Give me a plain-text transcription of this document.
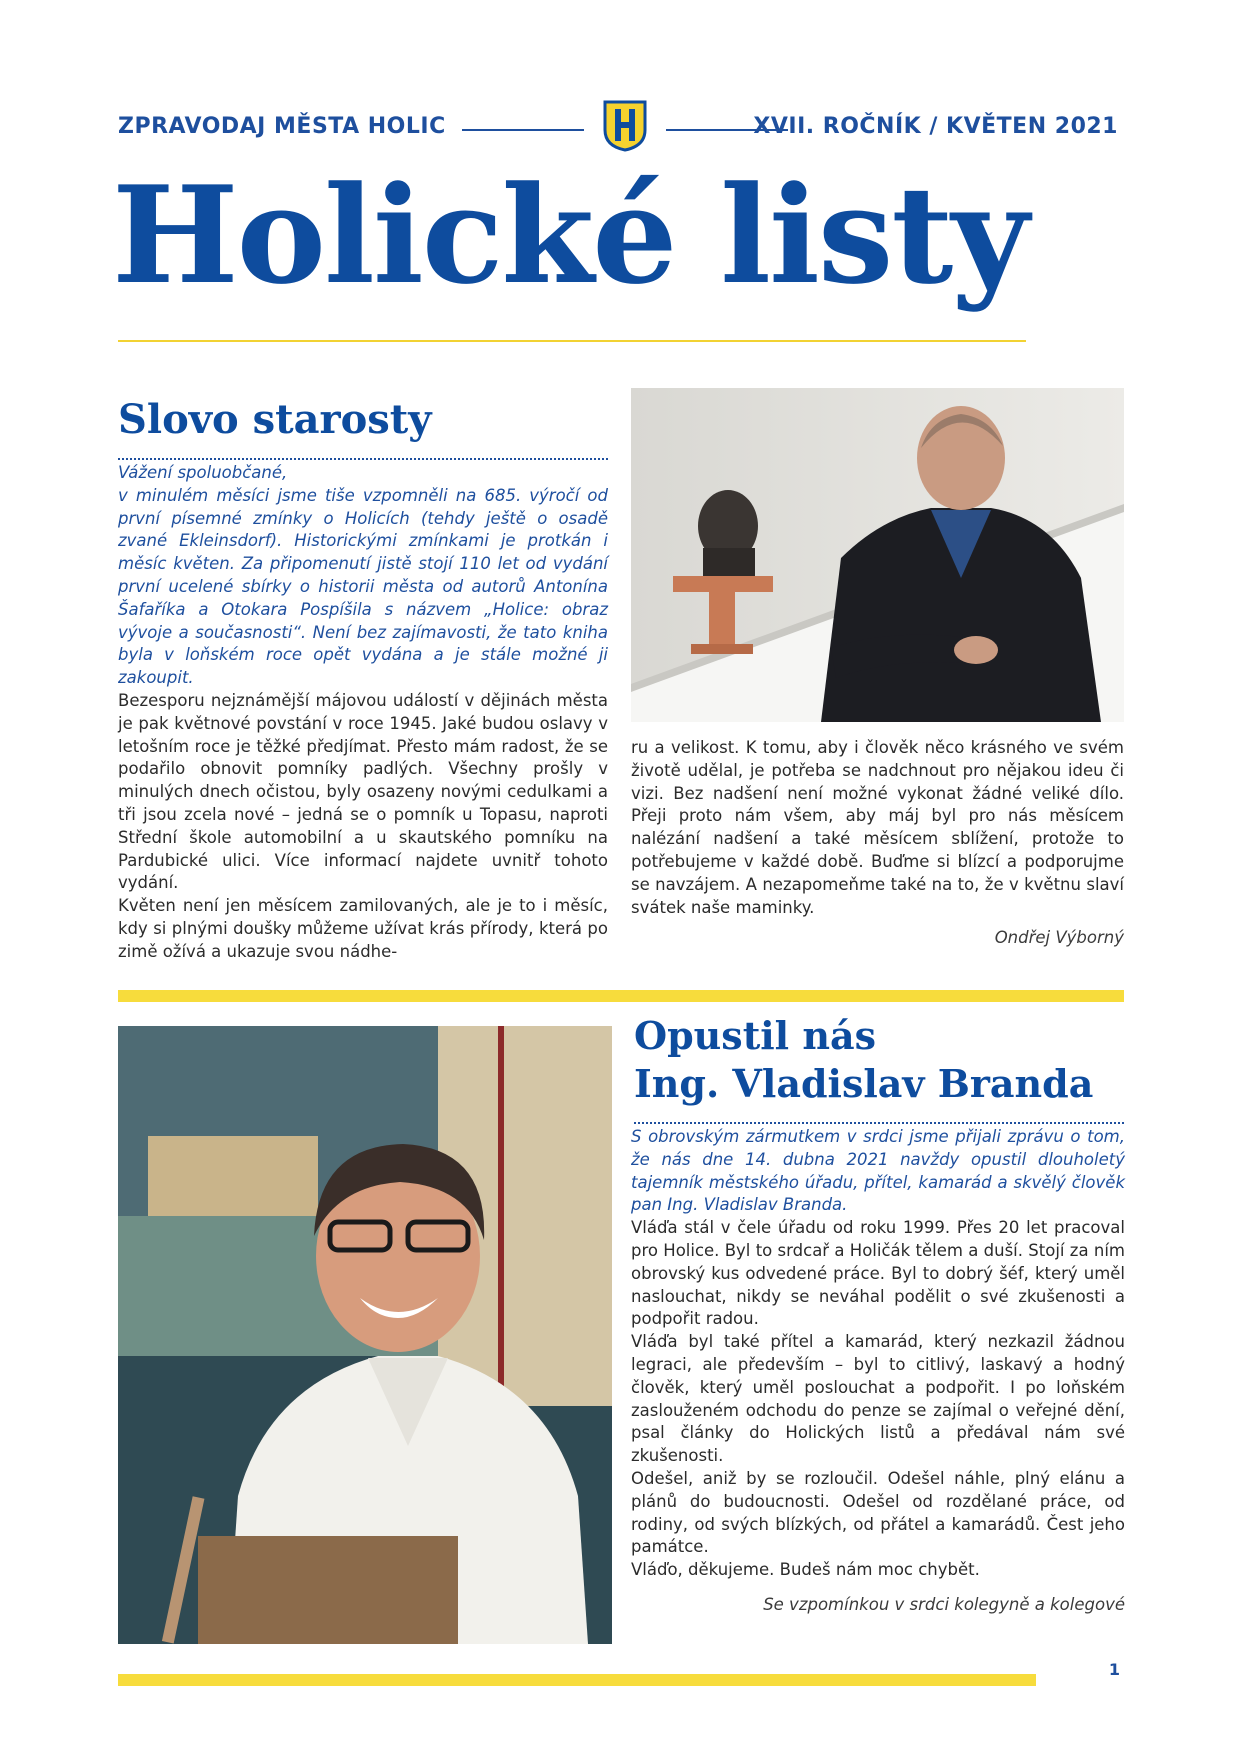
ZPRAVODAJ MĚSTA HOLIC	XVII. ROČNÍK / KVĚTEN 2021
Holické listy
Slovo starosty

Vážení spoluobčané,
v minulém měsíci jsme tiše vzpomněli na 685. výročí od první písemné zmínky o Holicích (tehdy ještě o osadě zvané Ekleinsdorf). Historickými zmínkami je protkán i měsíc květen. Za připomenutí jistě stojí 110 let od vydání první ucelené sbírky o historii města od autorů Antonína Šafaříka a Otokara Pospíšila s názvem „Holice: obraz vývoje a současnosti“. Není bez zajímavosti, že tato kniha byla v loňském roce opět vydána a je stále možné ji zakoupit.

Bezesporu nejznámější májovou událostí v dějinách města je pak květnové povstání v roce 1945. Jaké budou oslavy v letošním roce je těžké předjímat. Přesto mám radost, že se podařilo obnovit pomníky padlých. Všechny prošly v minulých dnech očistou, byly osazeny novými cedulkami a tři jsou zcela nové – jedná se o pomník u Topasu, naproti Střední škole automobilní a u skautského pomníku na Pardubické ulici. Více informací najdete uvnitř tohoto vydání.
Květen není jen měsícem zamilovaných, ale je to i měsíc, kdy si plnými doušky můžeme užívat krás přírody, která po zimě ožívá a ukazuje svou nádhe-

ru a velikost. K tomu, aby i člověk něco krásného ve svém životě udělal, je potřeba se nadchnout pro nějakou ideu či vizi. Bez nadšení není možné vykonat žádné veliké dílo. Přeji proto nám všem, aby máj byl pro nás měsícem nalézání nadšení a také měsícem sblížení, protože to potřebujeme v každé době. Buďme si blízcí a podporujme se navzájem. A nezapomeňme také na to, že v květnu slaví svátek naše maminky.

Ondřej Výborný

Opustil nás
Ing. Vladislav Branda

S obrovským zármutkem v srdci jsme přijali zprávu o tom, že nás dne 14. dubna 2021 navždy opustil dlouholetý tajemník městského úřadu, přítel, kamarád a skvělý člověk pan Ing. Vladislav Branda.

Vláďa stál v čele úřadu od roku 1999. Přes 20 let pracoval pro Holice. Byl to srdcař a Holičák tělem a duší. Stojí za ním obrovský kus odvedené práce. Byl to dobrý šéf, který uměl naslouchat, nikdy se neváhal podělit o své zkušenosti a podpořit radou.
Vláďa byl také přítel a kamarád, který nezkazil žádnou legraci, ale především – byl to citlivý, laskavý a hodný člověk, který uměl poslouchat a podpořit. I po loňském zaslouženém odchodu do penze se zajímal o veřejné dění, psal články do Holických listů a předával nám své zkušenosti.
Odešel, aniž by se rozloučil. Odešel náhle, plný elánu a plánů do budoucnosti. Odešel od rozdělané práce, od rodiny, od svých blízkých, od přátel a kamarádů. Čest jeho památce.
Vláďo, děkujeme. Budeš nám moc chybět.

Se vzpomínkou v srdci kolegyně a kolegové

1
